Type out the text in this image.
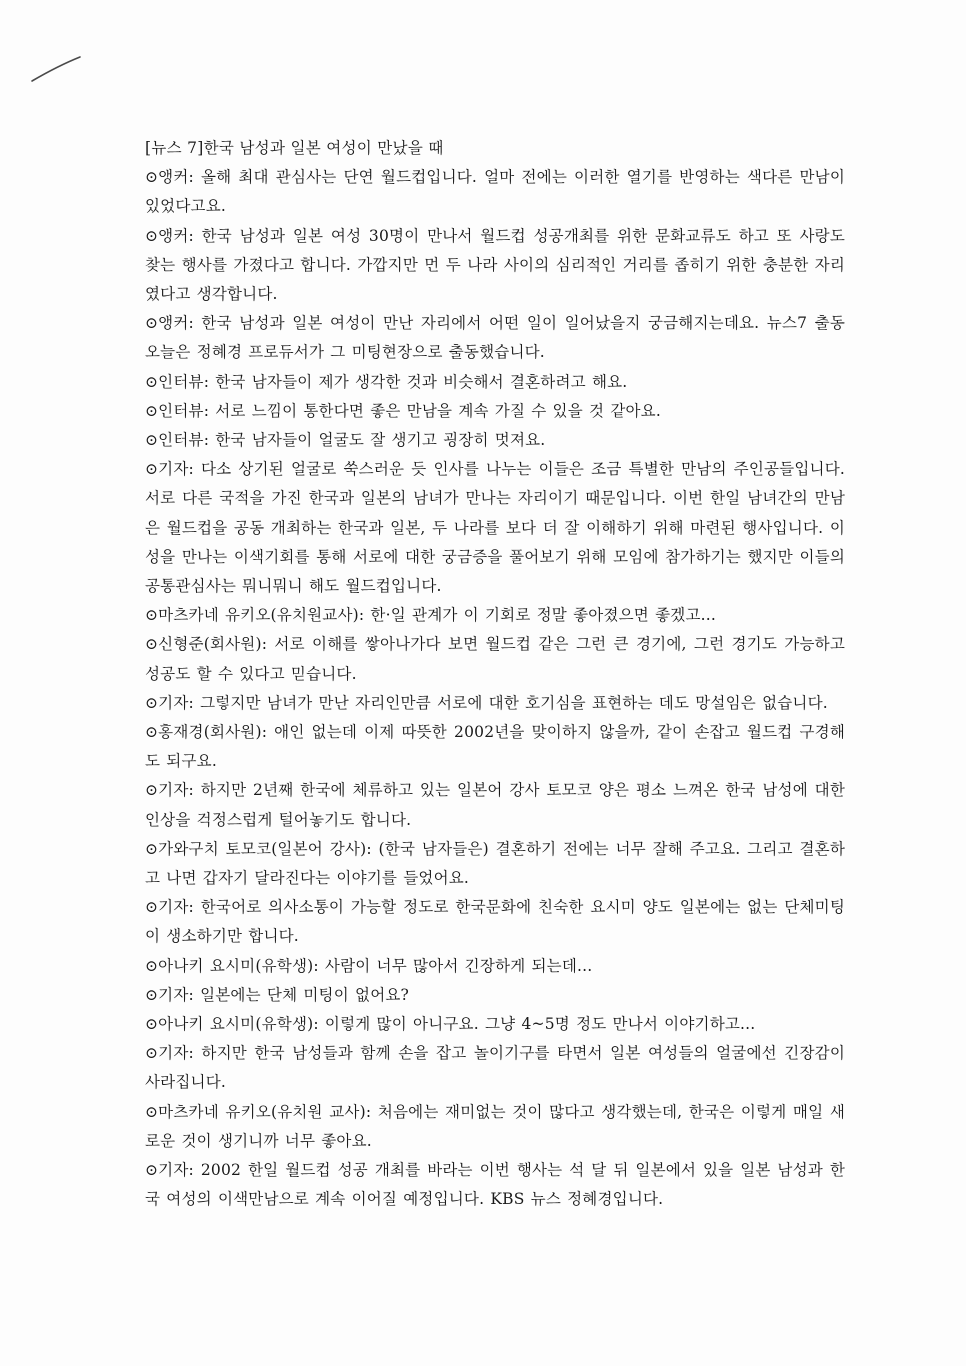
[뉴스 7]한국 남성과 일본 여성이 만났을 때

⊙앵커: 올해 최대 관심사는 단연 월드컵입니다. 얼마 전에는 이러한 열기를 반영하는 색다른 만남이 있었다고요.

⊙앵커: 한국 남성과 일본 여성 30명이 만나서 월드컵 성공개최를 위한 문화교류도 하고 또 사랑도 찾는 행사를 가졌다고 합니다. 가깝지만 먼 두 나라 사이의 심리적인 거리를 좁히기 위한 충분한 자리였다고 생각합니다.

⊙앵커: 한국 남성과 일본 여성이 만난 자리에서 어떤 일이 일어났을지 궁금해지는데요. 뉴스7 출동 오늘은 정혜경 프로듀서가 그 미팅현장으로 출동했습니다.

⊙인터뷰: 한국 남자들이 제가 생각한 것과 비슷해서 결혼하려고 해요.

⊙인터뷰: 서로 느낌이 통한다면 좋은 만남을 계속 가질 수 있을 것 같아요.

⊙인터뷰: 한국 남자들이 얼굴도 잘 생기고 굉장히 멋져요.

⊙기자: 다소 상기된 얼굴로 쑥스러운 듯 인사를 나누는 이들은 조금 특별한 만남의 주인공들입니다. 서로 다른 국적을 가진 한국과 일본의 남녀가 만나는 자리이기 때문입니다. 이번 한일 남녀간의 만남은 월드컵을 공동 개최하는 한국과 일본, 두 나라를 보다 더 잘 이해하기 위해 마련된 행사입니다. 이성을 만나는 이색기회를 통해 서로에 대한 궁금증을 풀어보기 위해 모임에 참가하기는 했지만 이들의 공통관심사는 뭐니뭐니 해도 월드컵입니다.

⊙마츠카네 유키오(유치원교사): 한·일 관계가 이 기회로 정말 좋아졌으면 좋겠고...

⊙신형준(회사원): 서로 이해를 쌓아나가다 보면 월드컵 같은 그런 큰 경기에, 그런 경기도 가능하고 성공도 할 수 있다고 믿습니다.

⊙기자: 그렇지만 남녀가 만난 자리인만큼 서로에 대한 호기심을 표현하는 데도 망설임은 없습니다.

⊙홍재경(회사원): 애인 없는데 이제 따뜻한 2002년을 맞이하지 않을까, 같이 손잡고 월드컵 구경해도 되구요.

⊙기자: 하지만 2년째 한국에 체류하고 있는 일본어 강사 토모코 양은 평소 느껴온 한국 남성에 대한 인상을 걱정스럽게 털어놓기도 합니다.

⊙가와구치 토모코(일본어 강사): (한국 남자들은) 결혼하기 전에는 너무 잘해 주고요. 그리고 결혼하고 나면 갑자기 달라진다는 이야기를 들었어요.

⊙기자: 한국어로 의사소통이 가능할 정도로 한국문화에 친숙한 요시미 양도 일본에는 없는 단체미팅이 생소하기만 합니다.

⊙아나키 요시미(유학생): 사람이 너무 많아서 긴장하게 되는데...

⊙기자: 일본에는 단체 미팅이 없어요?

⊙아나키 요시미(유학생): 이렇게 많이 아니구요. 그냥 4~5명 정도 만나서 이야기하고...

⊙기자: 하지만 한국 남성들과 함께 손을 잡고 놀이기구를 타면서 일본 여성들의 얼굴에선 긴장감이 사라집니다.

⊙마츠카네 유키오(유치원 교사): 처음에는 재미없는 것이 많다고 생각했는데, 한국은 이렇게 매일 새로운 것이 생기니까 너무 좋아요.

⊙기자: 2002 한일 월드컵 성공 개최를 바라는 이번 행사는 석 달 뒤 일본에서 있을 일본 남성과 한국 여성의 이색만남으로 계속 이어질 예정입니다. KBS 뉴스 정혜경입니다.
